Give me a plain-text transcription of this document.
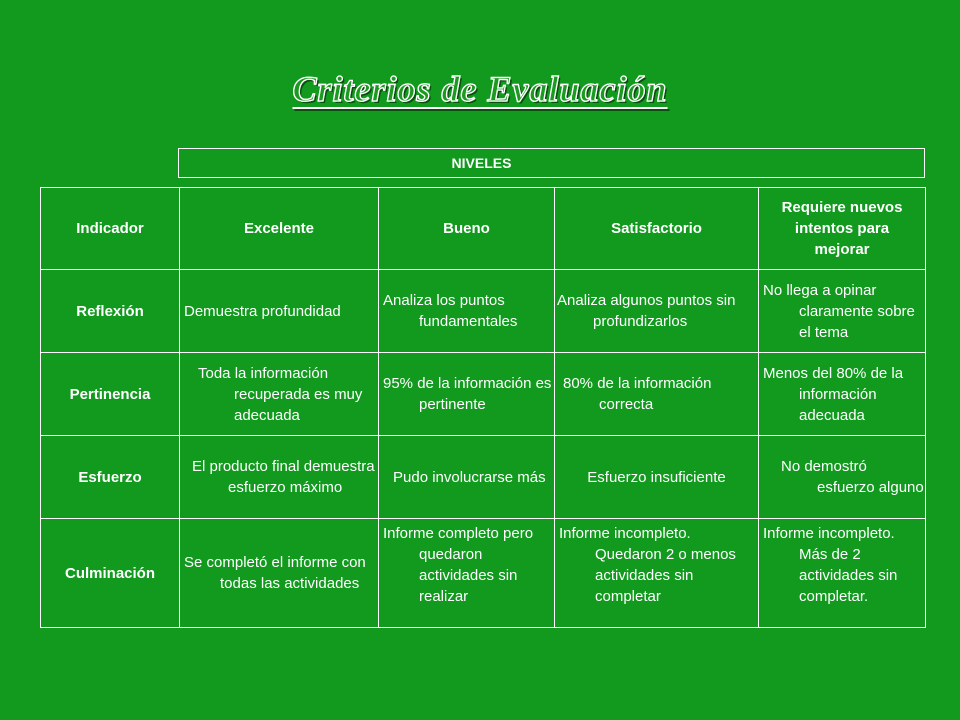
Criterios de Evaluación
NIVELES
Indicador	Excelente	Bueno	Satisfactorio	Requiere nuevos intentos para mejorar
Reflexión	Demuestra profundidad	Analiza los puntos fundamentales	Analiza algunos puntos sin profundizarlos	No llega a opinar claramente sobre el tema
Pertinencia	Toda la información recuperada es muy adecuada	95% de la información es pertinente	80% de la información correcta	Menos del 80% de la información adecuada
Esfuerzo	El producto final demuestra esfuerzo máximo	Pudo involucrarse más	Esfuerzo insuficiente	No demostró esfuerzo alguno
Culminación	Se completó el informe con todas las actividades	Informe completo pero quedaron actividades sin realizar	Informe incompleto. Quedaron 2 o menos actividades sin completar	Informe incompleto. Más de 2 actividades sin completar.
